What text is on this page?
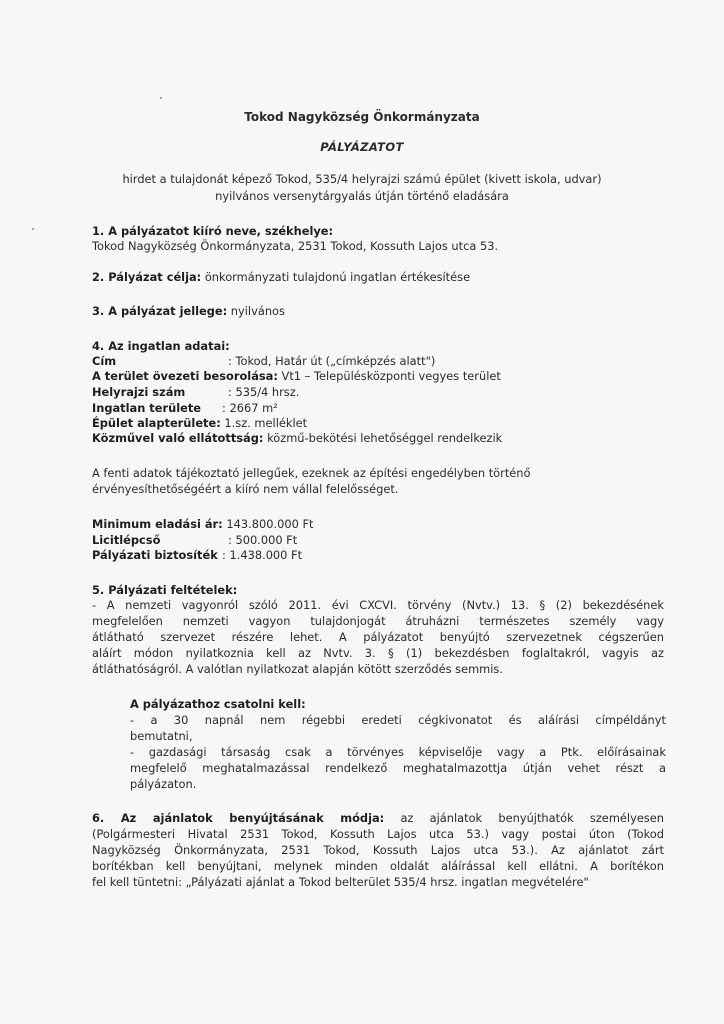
Tokod Nagyközség Önkormányzata
PÁLYÁZATOT
hirdet a tulajdonát képező Tokod, 535/4 helyrajzi számú épület (kivett iskola, udvar)
nyilvános versenytárgyalás útján történő eladására
1. A pályázatot kiíró neve, székhelye:
Tokod Nagyközség Önkormányzata, 2531 Tokod, Kossuth Lajos utca 53.
2. Pályázat célja: önkormányzati tulajdonú ingatlan értékesítése
3. A pályázat jellege: nyilvános
4. Az ingatlan adatai:
Cím	: Tokod, Határ út („címképzés alatt")
A terület övezeti besorolása: Vt1 – Településközponti vegyes terület
Helyrajzi szám	: 535/4 hrsz.
Ingatlan területe : 2667 m²
Épület alapterülete: 1.sz. melléklet
Közművel való ellátottság: közmű-bekötési lehetőséggel rendelkezik
A fenti adatok tájékoztató jellegűek, ezeknek az építési engedélyben történő
érvényesíthetőségéért a kiíró nem vállal felelősséget.
Minimum eladási ár: 143.800.000 Ft
Licitlépcső	: 500.000 Ft
Pályázati biztosíték : 1.438.000 Ft
5. Pályázati feltételek:
- A nemzeti vagyonról szóló 2011. évi CXCVI. törvény (Nvtv.) 13. § (2) bekezdésének
megfelelően nemzeti vagyon tulajdonjogát átruházni természetes személy vagy
átlátható szervezet részére lehet. A pályázatot benyújtó szervezetnek cégszerűen
aláírt módon nyilatkoznia kell az Nvtv. 3. § (1) bekezdésben foglaltakról, vagyis az
átláthatóságról. A valótlan nyilatkozat alapján kötött szerződés semmis.
A pályázathoz csatolni kell:
- a 30 napnál nem régebbi eredeti cégkivonatot és aláírási címpéldányt
bemutatni,
- gazdasági társaság csak a törvényes képviselője vagy a Ptk. előírásainak
megfelelő meghatalmazással rendelkező meghatalmazottja útján vehet részt a
pályázaton.
6. Az ajánlatok benyújtásának módja: az ajánlatok benyújthatók személyesen
(Polgármesteri Hivatal 2531 Tokod, Kossuth Lajos utca 53.) vagy postai úton (Tokod
Nagyközség Önkormányzata, 2531 Tokod, Kossuth Lajos utca 53.). Az ajánlatot zárt
borítékban kell benyújtani, melynek minden oldalát aláírással kell ellátni. A borítékon
fel kell tüntetni: „Pályázati ajánlat a Tokod belterület 535/4 hrsz. ingatlan megvételére"
